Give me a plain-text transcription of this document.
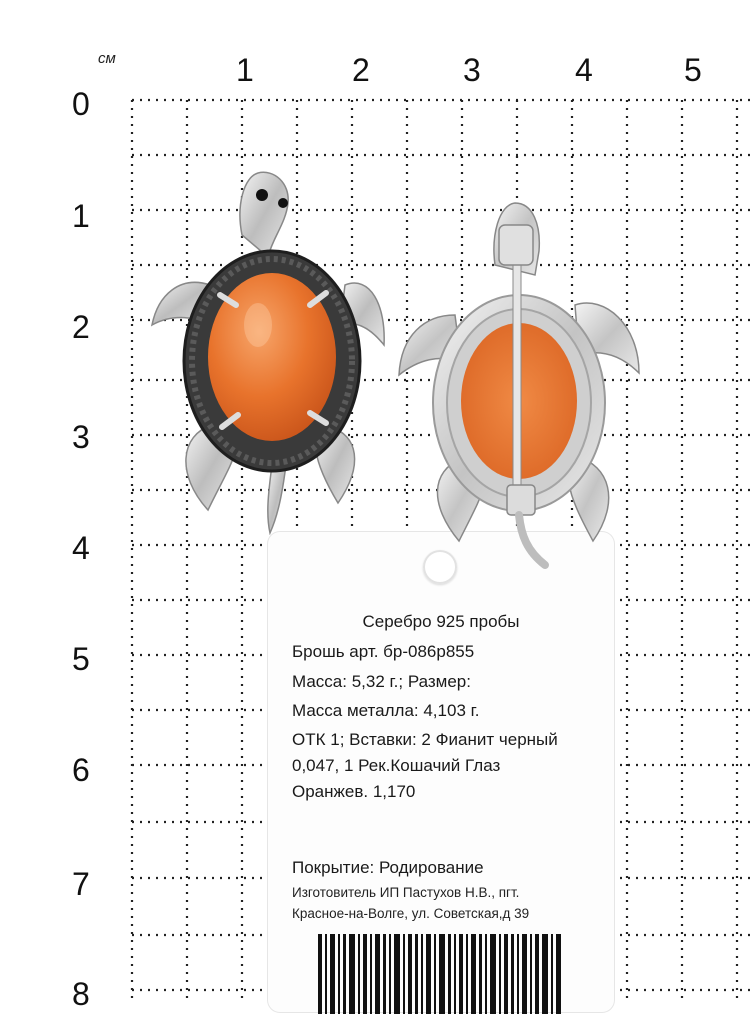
см	1	2	3	4	5
0
1
2
3
4
5
6
7
8
Серебро 925 пробы
Брошь арт. бр-086р855
Масса: 5,32 г.; Размер:
Масса металла: 4,103 г.
ОТК 1; Вставки: 2 Фианит черный
0,047, 1 Рек.Кошачий Глаз
Оранжев. 1,170
Покрытие: Родирование
Изготовитель ИП Пастухов Н.В., пгт.
Красное-на-Волге, ул. Советская,д 39
